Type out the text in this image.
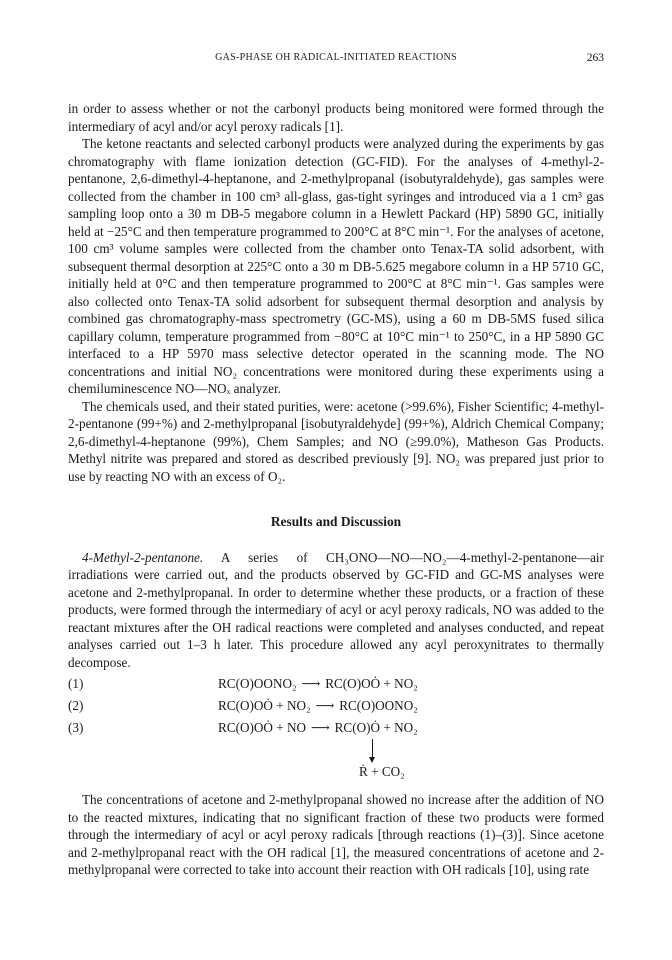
GAS-PHASE OH RADICAL-INITIATED REACTIONS	263

in order to assess whether or not the carbonyl products being monitored were formed through the intermediary of acyl and/or acyl peroxy radicals [1].

The ketone reactants and selected carbonyl products were analyzed during the experiments by gas chromatography with flame ionization detection (GC-FID). For the analyses of 4-methyl-2-pentanone, 2,6-dimethyl-4-heptanone, and 2-methylpropanal (isobutyraldehyde), gas samples were collected from the chamber in 100 cm³ all-glass, gas-tight syringes and introduced via a 1 cm³ gas sampling loop onto a 30 m DB-5 megabore column in a Hewlett Packard (HP) 5890 GC, initially held at −25°C and then temperature programmed to 200°C at 8°C min⁻¹. For the analyses of acetone, 100 cm³ volume samples were collected from the chamber onto Tenax-TA solid adsorbent, with subsequent thermal desorption at 225°C onto a 30 m DB-5.625 megabore column in a HP 5710 GC, initially held at 0°C and then temperature programmed to 200°C at 8°C min⁻¹. Gas samples were also collected onto Tenax-TA solid adsorbent for subsequent thermal desorption and analysis by combined gas chromatography-mass spectrometry (GC-MS), using a 60 m DB-5MS fused silica capillary column, temperature programmed from −80°C at 10°C min⁻¹ to 250°C, in a HP 5890 GC interfaced to a HP 5970 mass selective detector operated in the scanning mode. The NO concentrations and initial NO₂ concentrations were monitored during these experiments using a chemiluminescence NO—NOₓ analyzer.

The chemicals used, and their stated purities, were: acetone (>99.6%), Fisher Scientific; 4-methyl-2-pentanone (99+%) and 2-methylpropanal [isobutyraldehyde] (99+%), Aldrich Chemical Company; 2,6-dimethyl-4-heptanone (99%), Chem Samples; and NO (≥99.0%), Matheson Gas Products. Methyl nitrite was prepared and stored as described previously [9]. NO₂ was prepared just prior to use by reacting NO with an excess of O₂.

Results and Discussion

4-Methyl-2-pentanone. A series of CH₃ONO—NO—NO₂—4-methyl-2-pentanone—air irradiations were carried out, and the products observed by GC-FID and GC-MS analyses were acetone and 2-methylpropanal. In order to determine whether these products, or a fraction of these products, were formed through the intermediary of acyl or acyl peroxy radicals, NO was added to the reactant mixtures after the OH radical reactions were completed and analyses conducted, and repeat analyses carried out 1–3 h later. This procedure allowed any acyl peroxynitrates to thermally decompose.

(1)	RC(O)OONO₂ ⟶ RC(O)OȮ + NO₂
(2)	RC(O)OȮ + NO₂ ⟶ RC(O)OONO₂
(3)	RC(O)OȮ + NO ⟶ RC(O)Ȯ + NO₂
Ṙ + CO₂

The concentrations of acetone and 2-methylpropanal showed no increase after the addition of NO to the reacted mixtures, indicating that no significant fraction of these two products were formed through the intermediary of acyl or acyl peroxy radicals [through reactions (1)–(3)]. Since acetone and 2-methylpropanal react with the OH radical [1], the measured concentrations of acetone and 2-methylpropanal were corrected to take into account their reaction with OH radicals [10], using rate
